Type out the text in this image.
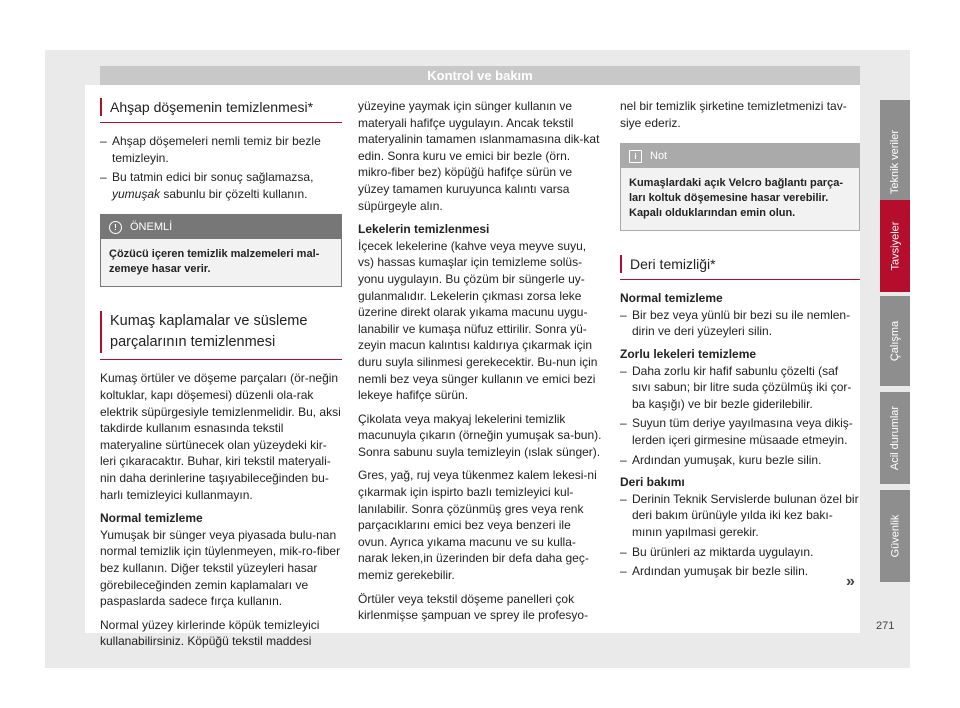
Kontrol ve bakım
Ahşap döşemenin temizlenmesi*
– Ahşap döşemeleri nemli temiz bir bezle temizleyin.
– Bu tatmin edici bir sonuç sağlamazsa, yumuşak sabunlu bir çözelti kullanın.
!	ÖNEMLİ
Çözücü içeren temizlik malzemeleri mal-zemeye hasar verir.
Kumaş kaplamalar ve süsleme parçalarının temizlenmesi
Kumaş örtüler ve döşeme parçaları (ör-neğin koltuklar, kapı döşemesi) düzenli ola-rak elektrik süpürgesiyle temizlenmelidir. Bu, aksi takdirde kullanım esnasında tekstil materyaline sürtünecek olan yüzeydeki kir-leri çıkaracaktır. Buhar, kiri tekstil materyali-nin daha derinlerine taşıyabileceğinden bu-harlı temizleyici kullanmayın.
Normal temizleme
Yumuşak bir sünger veya piyasada bulu-nan normal temizlik için tüylenmeyen, mik-ro-fiber bez kullanın. Diğer tekstil yüzeyleri hasar görebileceğinden zemin kaplamaları ve paspaslarda sadece fırça kullanın.
Normal yüzey kirlerinde köpük temizleyici kullanabilirsiniz. Köpüğü tekstil maddesi
yüzeyine yaymak için sünger kullanın ve materyali hafifçe uygulayın. Ancak tekstil materyalinin tamamen ıslanmamasına dik-kat edin. Sonra kuru ve emici bir bezle (örn. mikro-fiber bez) köpüğü hafifçe sürün ve yüzey tamamen kuruyunca kalıntı varsa süpürgeyle alın.
Lekelerin temizlenmesi
İçecek lekelerine (kahve veya meyve suyu, vs) hassas kumaşlar için temizleme solüs-yonu uygulayın. Bu çözüm bir süngerle uy-gulanmalıdır. Lekelerin çıkması zorsa leke üzerine direkt olarak yıkama macunu uygu-lanabilir ve kumaşa nüfuz ettirilir. Sonra yü-zeyin macun kalıntısı kaldırıya çıkarmak için duru suyla silinmesi gerekecektir. Bu-nun için nemli bez veya sünger kullanın ve emici bezi lekeye hafifçe sürün.
Çikolata veya makyaj lekelerini temizlik macunuyla çıkarın (örneğin yumuşak sa-bun). Sonra sabunu suyla temizleyin (ıslak sünger).
Gres, yağ, ruj veya tükenmez kalem lekesi-ni çıkarmak için ispirto bazlı temizleyici kul-lanılabilir. Sonra çözünmüş gres veya renk parçacıklarını emici bez veya benzeri ile ovun. Ayrıca yıkama macunu ve su kulla-narak leken,in üzerinden bir defa daha geç-memiz gerekebilir.
Örtüler veya tekstil döşeme panelleri çok kirlenmişse şampuan ve sprey ile profesyo-
nel bir temizlik şirketine temizletmenizi tav-siye ederiz.
i	Not
Kumaşlardaki açık Velcro bağlantı parça-ları koltuk döşemesine hasar verebilir. Kapalı olduklarından emin olun.
Deri temizliği*
Normal temizleme
– Bir bez veya yünlü bir bezi su ile nemlen-dirin ve deri yüzeyleri silin.
Zorlu lekeleri temizleme
– Daha zorlu kir hafif sabunlu çözelti (saf sıvı sabun; bir litre suda çözülmüş iki çor-ba kaşığı) ve bir bezle giderilebilir.
– Suyun tüm deriye yayılmasına veya dikiş-lerden içeri girmesine müsaade etmeyin.
– Ardından yumuşak, kuru bezle silin.
Deri bakımı
– Derinin Teknik Servislerde bulunan özel bir deri bakım ürünüyle yılda iki kez bakı-mının yapılmasi gerekir.
– Bu ürünleri az miktarda uygulayın.
– Ardından yumuşak bir bezle silin.
Teknik veriler
Tavsiyeler
Çalışma
Acil durumlar
Güvenlik
»
271
